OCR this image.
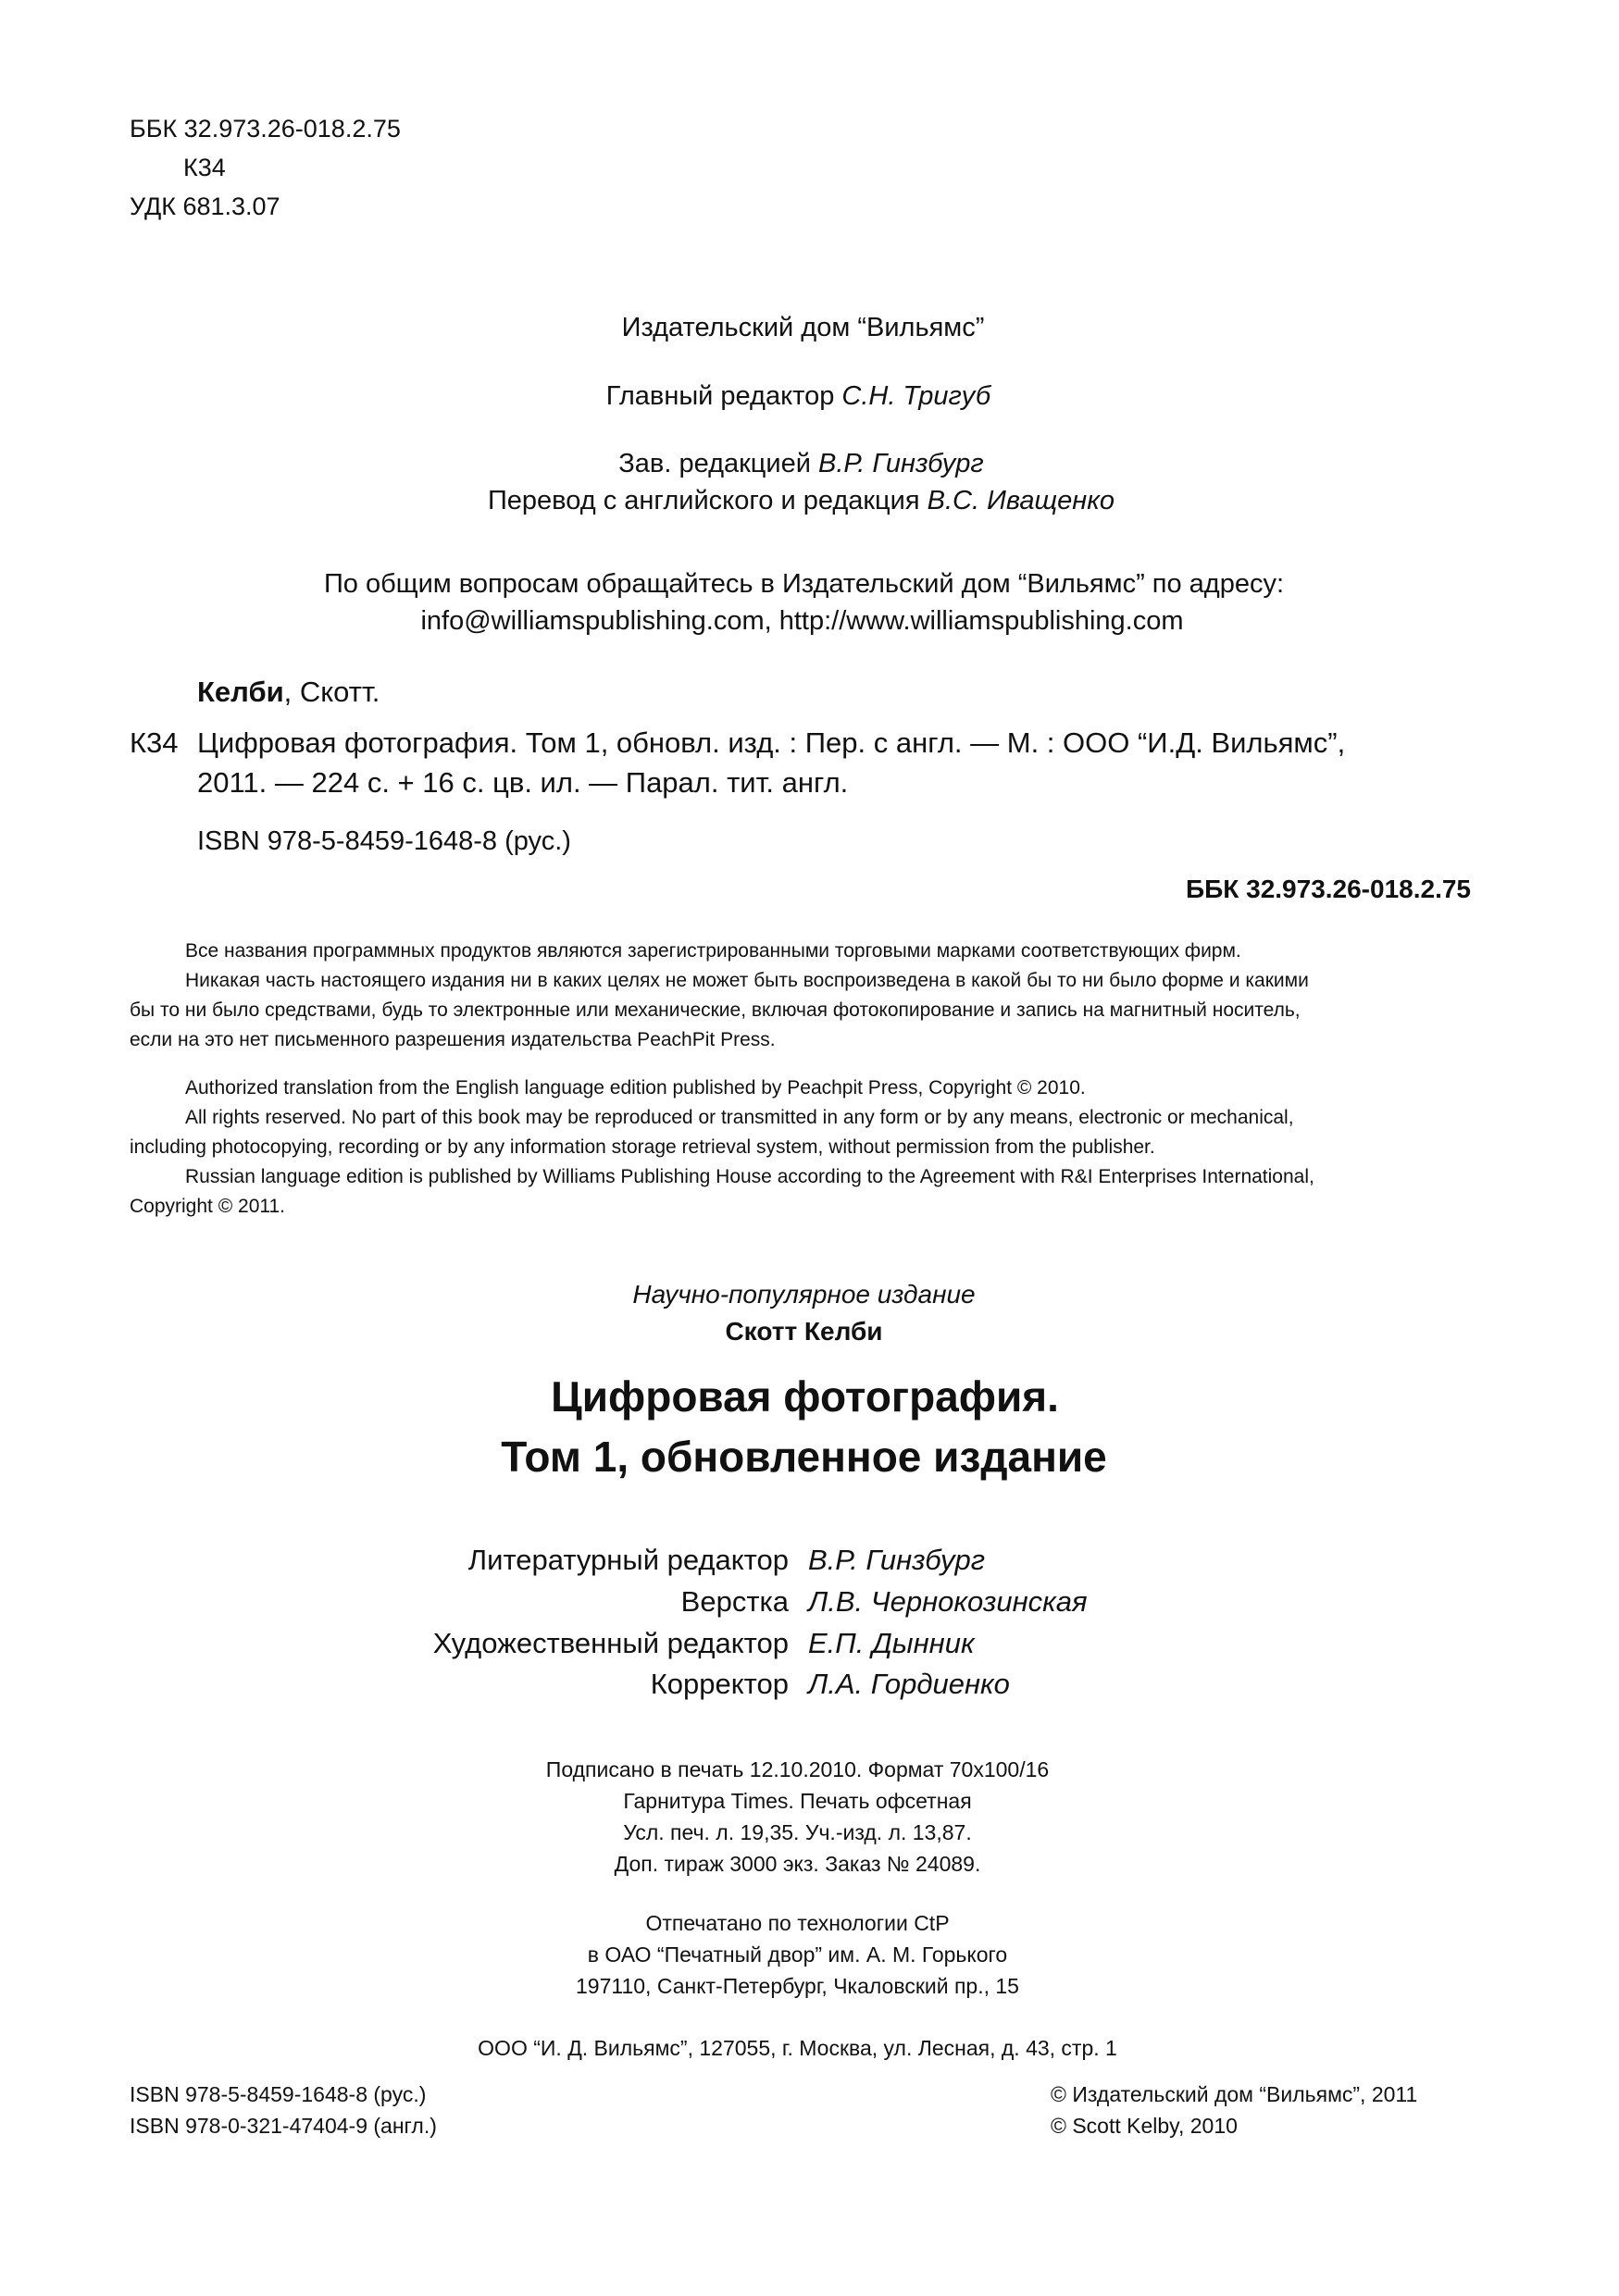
ББК 32.973.26-018.2.75
К34
УДК 681.3.07
Издательский дом “Вильямс”
Главный редактор С.Н. Тригуб
Зав. редакцией В.Р. Гинзбург
Перевод с английского и редакция В.С. Иващенко
По общим вопросам обращайтесь в Издательский дом “Вильямс” по адресу:
info@williamspublishing.com, http://www.williamspublishing.com
Келби, Скотт.
К34 Цифровая фотография. Том 1, обновл. изд. : Пер. с англ. — М. : ООО “И.Д. Вильямс”,
2011. — 224 с. + 16 с. цв. ил. — Парал. тит. англ.
ISBN 978-5-8459-1648-8 (рус.)
ББК 32.973.26-018.2.75

Все названия программных продуктов являются зарегистрированными торговыми марками соответствующих фирм.

Никакая часть настоящего издания ни в каких целях не может быть воспроизведена в какой бы то ни было форме и какими

бы то ни было средствами, будь то электронные или механические, включая фотокопирование и запись на магнитный носитель,

если на это нет письменного разрешения издательства PeachPit Press.

Authorized translation from the English language edition published by Peachpit Press, Copyright © 2010.

All rights reserved. No part of this book may be reproduced or transmitted in any form or by any means, electronic or mechanical,

including photocopying, recording or by any information storage retrieval system, without permission from the publisher.

Russian language edition is published by Williams Publishing House according to the Agreement with R&I Enterprises International,

Copyright © 2011.

Научно-популярное издание
Скотт Келби
Цифровая фотография.
Том 1, обновленное издание
Литературный редактор В.Р. Гинзбург
Верстка Л.В. Чернокозинская
Художественный редактор Е.П. Дынник
Корректор Л.А. Гордиенко
Подписано в печать 12.10.2010. Формат 70x100/16
Гарнитура Times. Печать офсетная
Усл. печ. л. 19,35. Уч.-изд. л. 13,87.
Доп. тираж 3000 экз. Заказ № 24089.
Отпечатано по технологии CtP
в ОАО “Печатный двор” им. А. М. Горького
197110, Санкт-Петербург, Чкаловский пр., 15
ООО “И. Д. Вильямс”, 127055, г. Москва, ул. Лесная, д. 43, стр. 1
ISBN 978-5-8459-1648-8 (рус.)
ISBN 978-0-321-47404-9 (англ.)
© Издательский дом “Вильямс”, 2011
© Scott Kelby, 2010
